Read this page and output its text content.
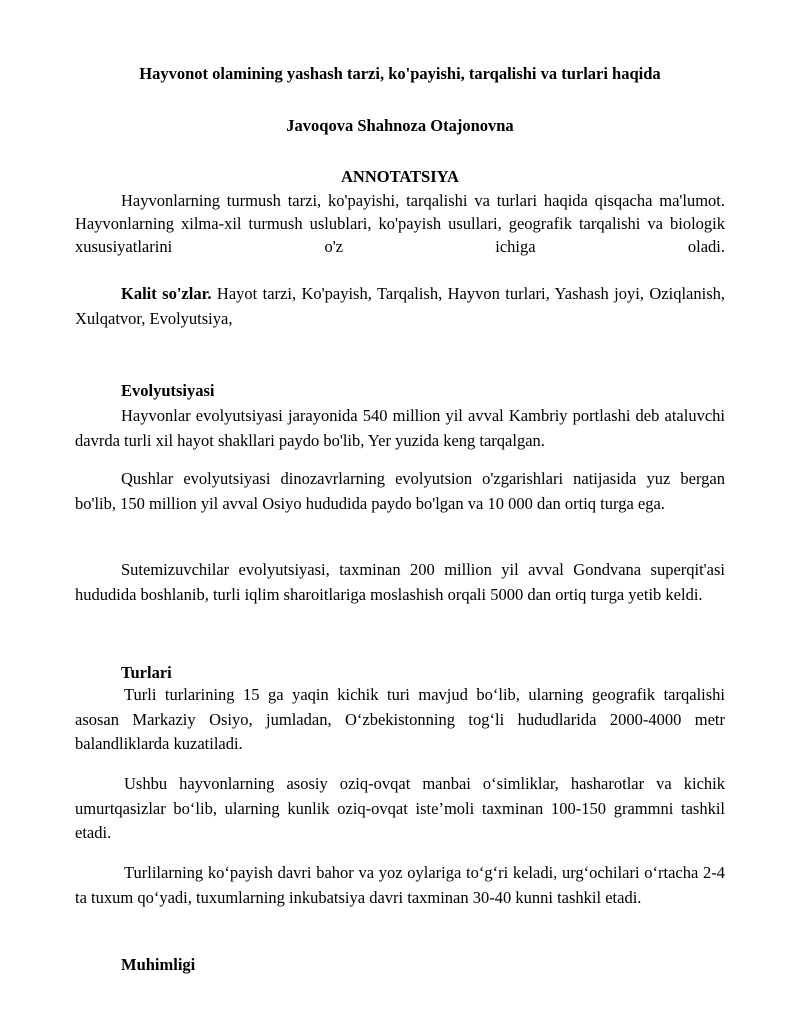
Hayvonot olamining yashash tarzi, ko'payishi, tarqalishi va turlari haqida
Javoqova Shahnoza Otajonovna
ANNOTATSIYA

Hayvonlarning turmush tarzi, ko'payishi, tarqalishi va turlari haqida qisqacha ma'lumot. Hayvonlarning xilma-xil turmush uslublari, ko'payish usullari, geografik tarqalishi va biologik xususiyatlarini o'z ichiga oladi.

Kalit so'zlar. Hayot tarzi, Ko'payish, Tarqalish, Hayvon turlari, Yashash joyi, Oziqlanish, Xulqatvor, Evolyutsiya,

Evolyutsiyasi

Hayvonlar evolyutsiyasi jarayonida 540 million yil avval Kambriy portlashi deb ataluvchi davrda turli xil hayot shakllari paydo bo'lib, Yer yuzida keng tarqalgan.

Qushlar evolyutsiyasi dinozavrlarning evolyutsion o'zgarishlari natijasida yuz bergan bo'lib, 150 million yil avval Osiyo hududida paydo bo'lgan va 10 000 dan ortiq turga ega.

Sutemizuvchilar evolyutsiyasi, taxminan 200 million yil avval Gondvana superqit'asi hududida boshlanib, turli iqlim sharoitlariga moslashish orqali 5000 dan ortiq turga yetib keldi.

Turlari

Turli turlarining 15 ga yaqin kichik turi mavjud bo‘lib, ularning geografik tarqalishi asosan Markaziy Osiyo, jumladan, O‘zbekistonning tog‘li hududlarida 2000-4000 metr balandliklarda kuzatiladi.

Ushbu hayvonlarning asosiy oziq-ovqat manbai o‘simliklar, hasharotlar va kichik umurtqasizlar bo‘lib, ularning kunlik oziq-ovqat iste’moli taxminan 100-150 grammni tashkil etadi.

Turlilarning ko‘payish davri bahor va yoz oylariga to‘g‘ri keladi, urg‘ochilari o‘rtacha 2-4 ta tuxum qo‘yadi, tuxumlarning inkubatsiya davri taxminan 30-40 kunni tashkil etadi.

Muhimligi
